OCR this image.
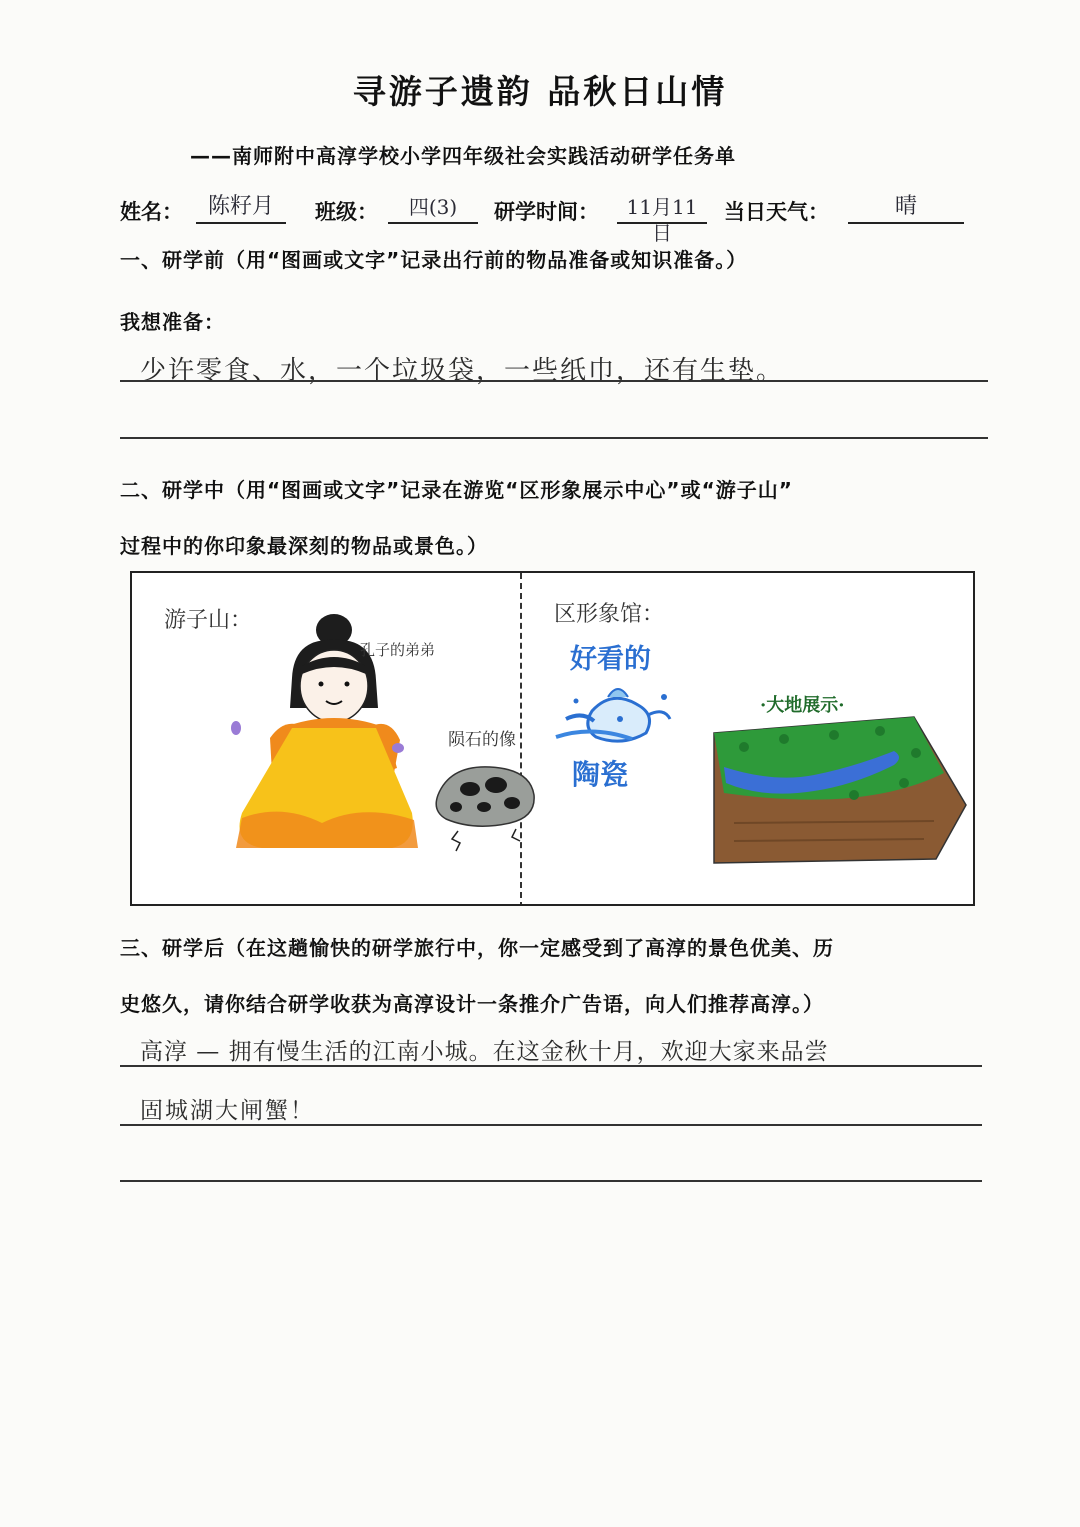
寻游子遗韵 品秋日山情
——南师附中高淳学校小学四年级社会实践活动研学任务单
姓名：	陈籽月	班级：	四(3)	研学时间：	11月11日
当日天气：	晴
一、研学前（用“图画或文字”记录出行前的物品准备或知识准备。）
我想准备：
少许零食、水，一个垃圾袋，一些纸巾，还有生垫。
二、研学中（用“图画或文字”记录在游览“区形象展示中心”或“游子山”
过程中的你印象最深刻的物品或景色。）
游子山：
孔子的弟弟
陨石的像
区形象馆：
好看的
陶瓷
·大地展示·
三、研学后（在这趟愉快的研学旅行中，你一定感受到了高淳的景色优美、历
史悠久，请你结合研学收获为高淳设计一条推介广告语，向人们推荐高淳。）
高淳 — 拥有慢生活的江南小城。在这金秋十月，欢迎大家来品尝
固城湖大闸蟹！
